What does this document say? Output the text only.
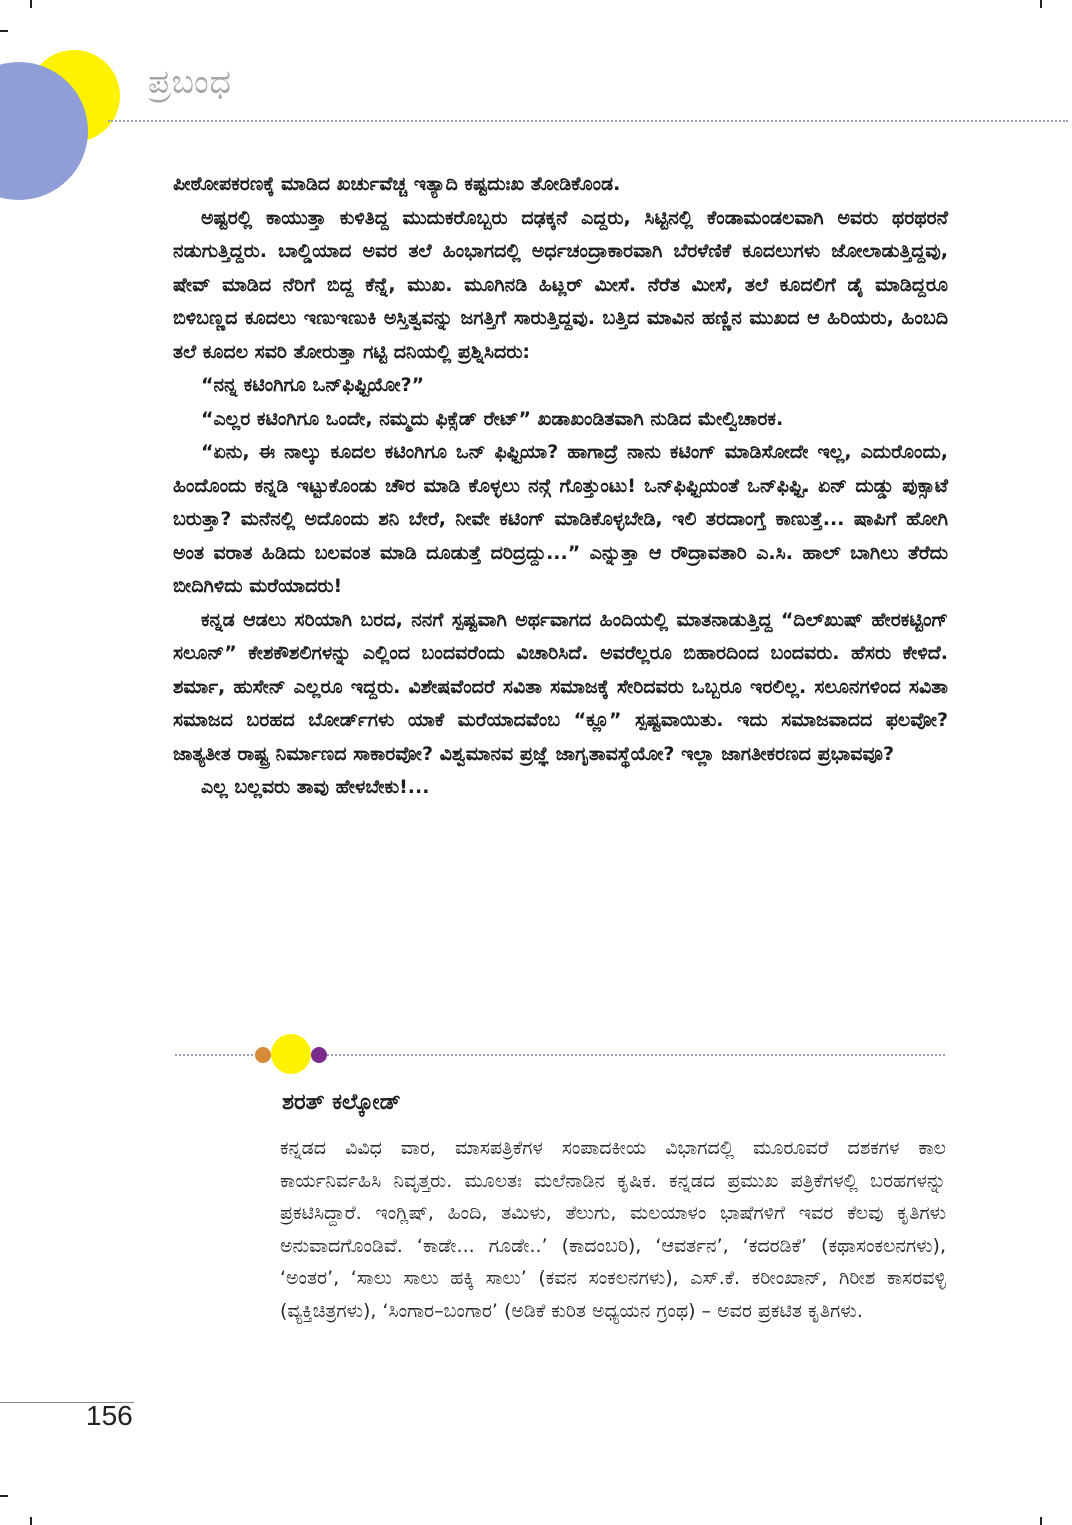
ಪ್ರಬಂಧ

ಪೀಠೋಪಕರಣಕ್ಕೆ ಮಾಡಿದ ಖರ್ಚುವೆಚ್ಚ ಇತ್ಯಾದಿ ಕಷ್ಟದುಃಖ ತೋಡಿಕೊಂಡ.

ಅಷ್ಟರಲ್ಲಿ ಕಾಯುತ್ತಾ ಕುಳಿತಿದ್ದ ಮುದುಕರೊಬ್ಬರು ದಢಕ್ಕನೆ ಎದ್ದರು, ಸಿಟ್ಟಿನಲ್ಲಿ ಕೆಂಡಾಮಂಡಲವಾಗಿ ಅವರು ಥರಥರನೆ ನಡುಗುತ್ತಿದ್ದರು. ಬಾಲ್ಡಿಯಾದ ಅವರ ತಲೆ ಹಿಂಭಾಗದಲ್ಲಿ ಅರ್ಧಚಂದ್ರಾಕಾರವಾಗಿ ಬೆರಳೆಣಿಕೆ ಕೂದಲುಗಳು ಜೋಲಾಡುತ್ತಿದ್ದವು, ಷೇವ್ ಮಾಡಿದ ನೆರಿಗೆ ಬಿದ್ದ ಕೆನ್ನೆ, ಮುಖ. ಮೂಗಿನಡಿ ಹಿಟ್ಲರ್ ಮೀಸೆ. ನೆರೆತ ಮೀಸೆ, ತಲೆ ಕೂದಲಿಗೆ ಡೈ ಮಾಡಿದ್ದರೂ ಬಿಳಿಬಣ್ಣದ ಕೂದಲು ಇಣುಇಣುಕಿ ಅಸ್ತಿತ್ವವನ್ನು ಜಗತ್ತಿಗೆ ಸಾರುತ್ತಿದ್ದವು. ಬತ್ತಿದ ಮಾವಿನ ಹಣ್ಣಿನ ಮುಖದ ಆ ಹಿರಿಯರು, ಹಿಂಬದಿ ತಲೆ ಕೂದಲ ಸವರಿ ತೋರುತ್ತಾ ಗಟ್ಟಿ ದನಿಯಲ್ಲಿ ಪ್ರಶ್ನಿಸಿದರು:

“ನನ್ನ ಕಟಿಂಗಿಗೂ ಒನ್‌ಫಿಫ್ಟಿಯೋ?”

“ಎಲ್ಲರ ಕಟಿಂಗಿಗೂ ಒಂದೇ, ನಮ್ಮದು ಫಿಕ್ಸೆಡ್ ರೇಟ್” ಖಡಾಖಂಡಿತವಾಗಿ ನುಡಿದ ಮೇಲ್ವಿಚಾರಕ.

“ಏನು, ಈ ನಾಲ್ಕು ಕೂದಲ ಕಟಿಂಗಿಗೂ ಒನ್ ಫಿಫ್ಟಿಯಾ? ಹಾಗಾದ್ರೆ ನಾನು ಕಟಿಂಗ್ ಮಾಡಿಸೋದೇ ಇಲ್ಲ, ಎದುರೊಂದು, ಹಿಂದೊಂದು ಕನ್ನಡಿ ಇಟ್ಟುಕೊಂಡು ಚೌರ ಮಾಡಿ ಕೊಳ್ಳಲು ನನ್ಗೆ ಗೊತ್ತುಂಟು! ಒನ್‌ಫಿಫ್ಟಿಯಂತೆ ಒನ್‌ಫಿಫ್ಟಿ. ಏನ್ ದುಡ್ಡು ಪುಕ್ಸಾಟೆ ಬರುತ್ತಾ? ಮನೆನಲ್ಲಿ ಅದೊಂದು ಶನಿ ಬೇರೆ, ನೀವೇ ಕಟಿಂಗ್ ಮಾಡಿಕೊಳ್ಳಬೇಡಿ, ಇಲಿ ತರದಾಂಗ್ತೆ ಕಾಣುತ್ತೆ... ಷಾಪಿಗೆ ಹೋಗಿ ಅಂತ ವರಾತ ಹಿಡಿದು ಬಲವಂತ ಮಾಡಿ ದೂಡುತ್ತೆ ದರಿದ್ರದ್ದು...” ಎನ್ನುತ್ತಾ ಆ ರೌದ್ರಾವತಾರಿ ಎ.ಸಿ. ಹಾಲ್ ಬಾಗಿಲು ತೆರೆದು ಬೀದಿಗಿಳಿದು ಮರೆಯಾದರು!

ಕನ್ನಡ ಆಡಲು ಸರಿಯಾಗಿ ಬರದ, ನನಗೆ ಸ್ಪಷ್ಟವಾಗಿ ಅರ್ಥವಾಗದ ಹಿಂದಿಯಲ್ಲಿ ಮಾತನಾಡುತ್ತಿದ್ದ “ದಿಲ್‌ಖುಷ್ ಹೇರಕಟ್ಟಿಂಗ್ ಸಲೂನ್” ಕೇಶಕೌಶಲಿಗಳನ್ನು ಎಲ್ಲಿಂದ ಬಂದವರೆಂದು ವಿಚಾರಿಸಿದೆ. ಅವರೆಲ್ಲರೂ ಬಿಹಾರದಿಂದ ಬಂದವರು. ಹೆಸರು ಕೇಳಿದೆ. ಶರ್ಮಾ, ಹುಸೇನ್ ಎಲ್ಲರೂ ಇದ್ದರು. ವಿಶೇಷವೆಂದರೆ ಸವಿತಾ ಸಮಾಜಕ್ಕೆ ಸೇರಿದವರು ಒಬ್ಬರೂ ಇರಲಿಲ್ಲ. ಸಲೂನಗಳಿಂದ ಸವಿತಾ ಸಮಾಜದ ಬರಹದ ಬೋರ್ಡ್‌ಗಳು ಯಾಕೆ ಮರೆಯಾದವೆಂಬ “ಕ್ಲೂ” ಸ್ಪಷ್ಟವಾಯಿತು. ಇದು ಸಮಾಜವಾದದ ಫಲವೋ? ಜಾತ್ಯತೀತ ರಾಷ್ಟ್ರ ನಿರ್ಮಾಣದ ಸಾಕಾರವೋ? ವಿಶ್ವಮಾನವ ಪ್ರಜ್ಞೆ ಜಾಗೃತಾವಸ್ಥೆಯೋ? ಇಲ್ಲಾ ಜಾಗತೀಕರಣದ ಪ್ರಭಾವವೂ?

ಎಲ್ಲ ಬಲ್ಲವರು ತಾವು ಹೇಳಬೇಕು!...

ಶರತ್ ಕಲ್ಕೋಡ್
ಕನ್ನಡದ ವಿವಿಧ ವಾರ, ಮಾಸಪತ್ರಿಕೆಗಳ ಸಂಪಾದಕೀಯ ವಿಭಾಗದಲ್ಲಿ ಮೂರೂವರೆ ದಶಕಗಳ ಕಾಲ ಕಾರ್ಯನಿರ್ವಹಿಸಿ ನಿವೃತ್ತರು. ಮೂಲತಃ ಮಲೆನಾಡಿನ ಕೃಷಿಕ. ಕನ್ನಡದ ಪ್ರಮುಖ ಪತ್ರಿಕೆಗಳಲ್ಲಿ ಬರಹಗಳನ್ನು ಪ್ರಕಟಿಸಿದ್ದಾರೆ. ಇಂಗ್ಲಿಷ್, ಹಿಂದಿ, ತಮಿಳು, ತೆಲುಗು, ಮಲಯಾಳಂ ಭಾಷೆಗಳಿಗೆ ಇವರ ಕೆಲವು ಕೃತಿಗಳು ಅನುವಾದಗೊಂಡಿವೆ. ‘ಕಾಡೇ... ಗೂಡೇ..’ (ಕಾದಂಬರಿ), ‘ಆವರ್ತನ’, ‘ಕದರಡಿಕೆ’ (ಕಥಾಸಂಕಲನಗಳು), ‘ಅಂತರ’, ‘ಸಾಲು ಸಾಲು ಹಕ್ಕಿ ಸಾಲು’ (ಕವನ ಸಂಕಲನಗಳು), ಎಸ್.ಕೆ. ಕರೀಂಖಾನ್, ಗಿರೀಶ ಕಾಸರವಳ್ಳಿ (ವ್ಯಕ್ತಿಚಿತ್ರಗಳು), ‘ಸಿಂಗಾರ–ಬಂಗಾರ’ (ಅಡಿಕೆ ಕುರಿತ ಅಧ್ಯಯನ ಗ್ರಂಥ) – ಅವರ ಪ್ರಕಟಿತ ಕೃತಿಗಳು.
156
